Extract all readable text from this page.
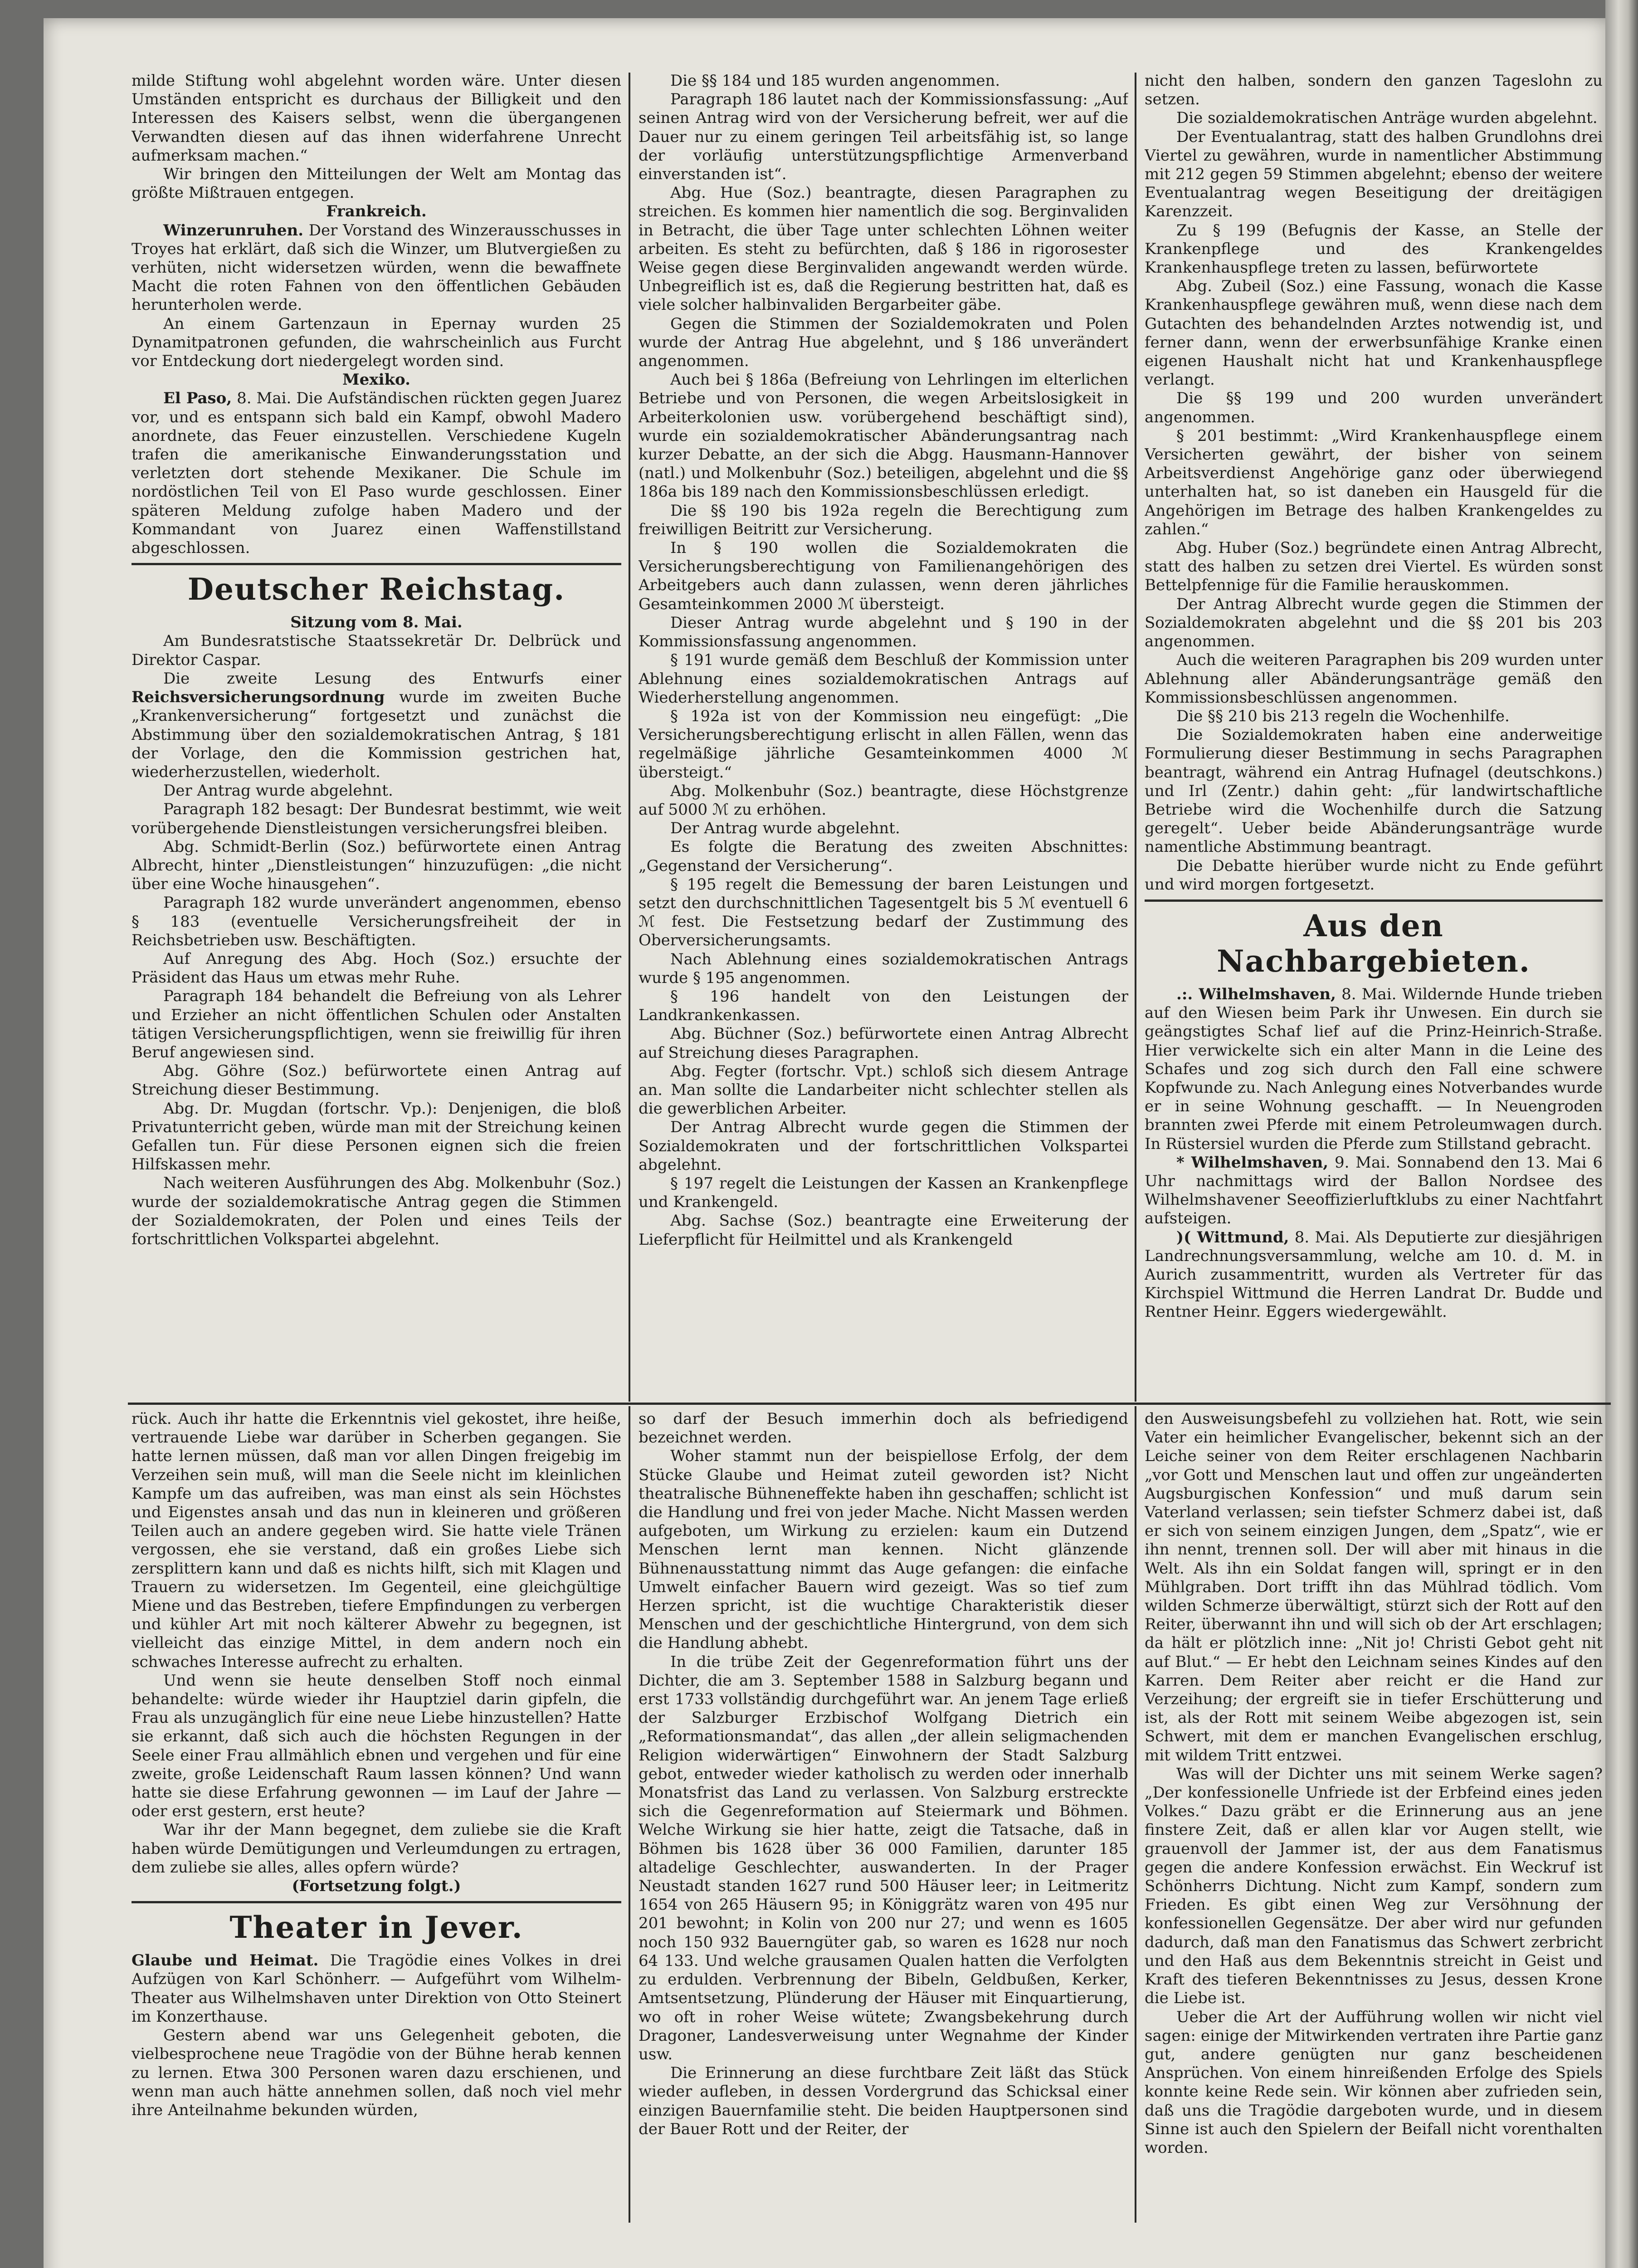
milde Stiftung wohl abgelehnt worden wäre. Unter diesen Umständen entspricht es durchaus der Billigkeit und den Interessen des Kaisers selbst, wenn die übergangenen Verwandten diesen auf das ihnen widerfahrene Unrecht aufmerksam machen.“

Wir bringen den Mitteilungen der Welt am Montag das größte Mißtrauen entgegen.

Frankreich.

Winzerunruhen. Der Vorstand des Winzerausschusses in Troyes hat erklärt, daß sich die Winzer, um Blutvergießen zu verhüten, nicht widersetzen würden, wenn die bewaffnete Macht die roten Fahnen von den öffentlichen Gebäuden herunterholen werde.

An einem Gartenzaun in Epernay wurden 25 Dynamitpatronen gefunden, die wahrscheinlich aus Furcht vor Entdeckung dort niedergelegt worden sind.

Mexiko.

El Paso, 8. Mai. Die Aufständischen rückten gegen Juarez vor, und es entspann sich bald ein Kampf, obwohl Madero anordnete, das Feuer einzustellen. Verschiedene Kugeln trafen die amerikanische Einwanderungsstation und verletzten dort stehende Mexikaner. Die Schule im nordöstlichen Teil von El Paso wurde geschlossen. Einer späteren Meldung zufolge haben Madero und der Kommandant von Juarez einen Waffenstillstand abgeschlossen.

Deutscher Reichstag.

Sitzung vom 8. Mai.

Am Bundesratstische Staatssekretär Dr. Delbrück und Direktor Caspar.

Die zweite Lesung des Entwurfs einer Reichsversicherungsordnung wurde im zweiten Buche „Krankenversicherung“ fortgesetzt und zunächst die Abstimmung über den sozialdemokratischen Antrag, § 181 der Vorlage, den die Kommission gestrichen hat, wiederherzustellen, wiederholt.

Der Antrag wurde abgelehnt.

Paragraph 182 besagt: Der Bundesrat bestimmt, wie weit vorübergehende Dienstleistungen versicherungsfrei bleiben.

Abg. Schmidt-Berlin (Soz.) befürwortete einen Antrag Albrecht, hinter „Dienstleistungen“ hinzuzufügen: „die nicht über eine Woche hinausgehen“.

Paragraph 182 wurde unverändert angenommen, ebenso § 183 (eventuelle Versicherungsfreiheit der in Reichsbetrieben usw. Beschäftigten.

Auf Anregung des Abg. Hoch (Soz.) ersuchte der Präsident das Haus um etwas mehr Ruhe.

Paragraph 184 behandelt die Befreiung von als Lehrer und Erzieher an nicht öffentlichen Schulen oder Anstalten tätigen Versicherungspflichtigen, wenn sie freiwillig für ihren Beruf angewiesen sind.

Abg. Göhre (Soz.) befürwortete einen Antrag auf Streichung dieser Bestimmung.

Abg. Dr. Mugdan (fortschr. Vp.): Denjenigen, die bloß Privatunterricht geben, würde man mit der Streichung keinen Gefallen tun. Für diese Personen eignen sich die freien Hilfskassen mehr.

Nach weiteren Ausführungen des Abg. Molkenbuhr (Soz.) wurde der sozialdemokratische Antrag gegen die Stimmen der Sozialdemokraten, der Polen und eines Teils der fortschrittlichen Volkspartei abgelehnt.

Die §§ 184 und 185 wurden angenommen.

Paragraph 186 lautet nach der Kommissionsfassung: „Auf seinen Antrag wird von der Versicherung befreit, wer auf die Dauer nur zu einem geringen Teil arbeitsfähig ist, so lange der vorläufig unterstützungspflichtige Armenverband einverstanden ist“.

Abg. Hue (Soz.) beantragte, diesen Paragraphen zu streichen. Es kommen hier namentlich die sog. Berginvaliden in Betracht, die über Tage unter schlechten Löhnen weiter arbeiten. Es steht zu befürchten, daß § 186 in rigorosester Weise gegen diese Berginvaliden angewandt werden würde. Unbegreiflich ist es, daß die Regierung bestritten hat, daß es viele solcher halbinvaliden Bergarbeiter gäbe.

Gegen die Stimmen der Sozialdemokraten und Polen wurde der Antrag Hue abgelehnt, und § 186 unverändert angenommen.

Auch bei § 186a (Befreiung von Lehrlingen im elterlichen Betriebe und von Personen, die wegen Arbeitslosigkeit in Arbeiterkolonien usw. vorübergehend beschäftigt sind), wurde ein sozialdemokratischer Abänderungsantrag nach kurzer Debatte, an der sich die Abgg. Hausmann-Hannover (natl.) und Molkenbuhr (Soz.) beteiligen, abgelehnt und die §§ 186a bis 189 nach den Kommissionsbeschlüssen erledigt.

Die §§ 190 bis 192a regeln die Berechtigung zum freiwilligen Beitritt zur Versicherung.

In § 190 wollen die Sozialdemokraten die Versicherungsberechtigung von Familienangehörigen des Arbeitgebers auch dann zulassen, wenn deren jährliches Gesamteinkommen 2000 ℳ übersteigt.

Dieser Antrag wurde abgelehnt und § 190 in der Kommissionsfassung angenommen.

§ 191 wurde gemäß dem Beschluß der Kommission unter Ablehnung eines sozialdemokratischen Antrags auf Wiederherstellung angenommen.

§ 192a ist von der Kommission neu eingefügt: „Die Versicherungsberechtigung erlischt in allen Fällen, wenn das regelmäßige jährliche Gesamteinkommen 4000 ℳ übersteigt.“

Abg. Molkenbuhr (Soz.) beantragte, diese Höchstgrenze auf 5000 ℳ zu erhöhen.

Der Antrag wurde abgelehnt.

Es folgte die Beratung des zweiten Abschnittes: „Gegenstand der Versicherung“.

§ 195 regelt die Bemessung der baren Leistungen und setzt den durchschnittlichen Tagesentgelt bis 5 ℳ eventuell 6 ℳ fest. Die Festsetzung bedarf der Zustimmung des Oberversicherungsamts.

Nach Ablehnung eines sozialdemokratischen Antrags wurde § 195 angenommen.

§ 196 handelt von den Leistungen der Landkrankenkassen.

Abg. Büchner (Soz.) befürwortete einen Antrag Albrecht auf Streichung dieses Paragraphen.

Abg. Fegter (fortschr. Vpt.) schloß sich diesem Antrage an. Man sollte die Landarbeiter nicht schlechter stellen als die gewerblichen Arbeiter.

Der Antrag Albrecht wurde gegen die Stimmen der Sozialdemokraten und der fortschrittlichen Volkspartei abgelehnt.

§ 197 regelt die Leistungen der Kassen an Krankenpflege und Krankengeld.

Abg. Sachse (Soz.) beantragte eine Erweiterung der Lieferpflicht für Heilmittel und als Krankengeld

nicht den halben, sondern den ganzen Tageslohn zu setzen.

Die sozialdemokratischen Anträge wurden abgelehnt.

Der Eventualantrag, statt des halben Grundlohns drei Viertel zu gewähren, wurde in namentlicher Abstimmung mit 212 gegen 59 Stimmen abgelehnt; ebenso der weitere Eventualantrag wegen Beseitigung der dreitägigen Karenzzeit.

Zu § 199 (Befugnis der Kasse, an Stelle der Krankenpflege und des Krankengeldes Krankenhauspflege treten zu lassen, befürwortete

Abg. Zubeil (Soz.) eine Fassung, wonach die Kasse Krankenhauspflege gewähren muß, wenn diese nach dem Gutachten des behandelnden Arztes notwendig ist, und ferner dann, wenn der erwerbsunfähige Kranke einen eigenen Haushalt nicht hat und Krankenhauspflege verlangt.

Die §§ 199 und 200 wurden unverändert angenommen.

§ 201 bestimmt: „Wird Krankenhauspflege einem Versicherten gewährt, der bisher von seinem Arbeitsverdienst Angehörige ganz oder überwiegend unterhalten hat, so ist daneben ein Hausgeld für die Angehörigen im Betrage des halben Krankengeldes zu zahlen.“

Abg. Huber (Soz.) begründete einen Antrag Albrecht, statt des halben zu setzen drei Viertel. Es würden sonst Bettelpfennige für die Familie herauskommen.

Der Antrag Albrecht wurde gegen die Stimmen der Sozialdemokraten abgelehnt und die §§ 201 bis 203 angenommen.

Auch die weiteren Paragraphen bis 209 wurden unter Ablehnung aller Abänderungsanträge gemäß den Kommissionsbeschlüssen angenommen.

Die §§ 210 bis 213 regeln die Wochenhilfe.

Die Sozialdemokraten haben eine anderweitige Formulierung dieser Bestimmung in sechs Paragraphen beantragt, während ein Antrag Hufnagel (deutschkons.) und Irl (Zentr.) dahin geht: „für landwirtschaftliche Betriebe wird die Wochenhilfe durch die Satzung geregelt“. Ueber beide Abänderungsanträge wurde namentliche Abstimmung beantragt.

Die Debatte hierüber wurde nicht zu Ende geführt und wird morgen fortgesetzt.

Aus den Nachbargebieten.

.:. Wilhelmshaven, 8. Mai. Wildernde Hunde trieben auf den Wiesen beim Park ihr Unwesen. Ein durch sie geängstigtes Schaf lief auf die Prinz-Heinrich-Straße. Hier verwickelte sich ein alter Mann in die Leine des Schafes und zog sich durch den Fall eine schwere Kopfwunde zu. Nach Anlegung eines Notverbandes wurde er in seine Wohnung geschafft. — In Neuengroden brannten zwei Pferde mit einem Petroleumwagen durch. In Rüstersiel wurden die Pferde zum Stillstand gebracht.

* Wilhelmshaven, 9. Mai. Sonnabend den 13. Mai 6 Uhr nachmittags wird der Ballon Nordsee des Wilhelmshavener Seeoffizierluftklubs zu einer Nachtfahrt aufsteigen.

)( Wittmund, 8. Mai. Als Deputierte zur diesjährigen Landrechnungsversammlung, welche am 10. d. M. in Aurich zusammentritt, wurden als Vertreter für das Kirchspiel Wittmund die Herren Landrat Dr. Budde und Rentner Heinr. Eggers wiedergewählt.

rück. Auch ihr hatte die Erkenntnis viel gekostet, ihre heiße, vertrauende Liebe war darüber in Scherben gegangen. Sie hatte lernen müssen, daß man vor allen Dingen freigebig im Verzeihen sein muß, will man die Seele nicht im kleinlichen Kampfe um das aufreiben, was man einst als sein Höchstes und Eigenstes ansah und das nun in kleineren und größeren Teilen auch an andere gegeben wird. Sie hatte viele Tränen vergossen, ehe sie verstand, daß ein großes Liebe sich zersplittern kann und daß es nichts hilft, sich mit Klagen und Trauern zu widersetzen. Im Gegenteil, eine gleichgültige Miene und das Bestreben, tiefere Empfindungen zu verbergen und kühler Art mit noch kälterer Abwehr zu begegnen, ist vielleicht das einzige Mittel, in dem andern noch ein schwaches Interesse aufrecht zu erhalten.

Und wenn sie heute denselben Stoff noch einmal behandelte: würde wieder ihr Hauptziel darin gipfeln, die Frau als unzugänglich für eine neue Liebe hinzustellen? Hatte sie erkannt, daß sich auch die höchsten Regungen in der Seele einer Frau allmählich ebnen und vergehen und für eine zweite, große Leidenschaft Raum lassen können? Und wann hatte sie diese Erfahrung gewonnen — im Lauf der Jahre — oder erst gestern, erst heute?

War ihr der Mann begegnet, dem zuliebe sie die Kraft haben würde Demütigungen und Verleumdungen zu ertragen, dem zuliebe sie alles, alles opfern würde?

(Fortsetzung folgt.)

Theater in Jever.

Glaube und Heimat. Die Tragödie eines Volkes in drei Aufzügen von Karl Schönherr. — Aufgeführt vom Wilhelm-Theater aus Wilhelmshaven unter Direktion von Otto Steinert im Konzerthause.

Gestern abend war uns Gelegenheit geboten, die vielbesprochene neue Tragödie von der Bühne herab kennen zu lernen. Etwa 300 Personen waren dazu erschienen, und wenn man auch hätte annehmen sollen, daß noch viel mehr ihre Anteilnahme bekunden würden,

so darf der Besuch immerhin doch als befriedigend bezeichnet werden.

Woher stammt nun der beispiellose Erfolg, der dem Stücke Glaube und Heimat zuteil geworden ist? Nicht theatralische Bühneneffekte haben ihn geschaffen; schlicht ist die Handlung und frei von jeder Mache. Nicht Massen werden aufgeboten, um Wirkung zu erzielen: kaum ein Dutzend Menschen lernt man kennen. Nicht glänzende Bühnenausstattung nimmt das Auge gefangen: die einfache Umwelt einfacher Bauern wird gezeigt. Was so tief zum Herzen spricht, ist die wuchtige Charakteristik dieser Menschen und der geschichtliche Hintergrund, von dem sich die Handlung abhebt.

In die trübe Zeit der Gegenreformation führt uns der Dichter, die am 3. September 1588 in Salzburg begann und erst 1733 vollständig durchgeführt war. An jenem Tage erließ der Salzburger Erzbischof Wolfgang Dietrich ein „Reformationsmandat“, das allen „der allein seligmachenden Religion widerwärtigen“ Einwohnern der Stadt Salzburg gebot, entweder wieder katholisch zu werden oder innerhalb Monatsfrist das Land zu verlassen. Von Salzburg erstreckte sich die Gegenreformation auf Steiermark und Böhmen. Welche Wirkung sie hier hatte, zeigt die Tatsache, daß in Böhmen bis 1628 über 36 000 Familien, darunter 185 altadelige Geschlechter, auswanderten. In der Prager Neustadt standen 1627 rund 500 Häuser leer; in Leitmeritz 1654 von 265 Häusern 95; in Königgrätz waren von 495 nur 201 bewohnt; in Kolin von 200 nur 27; und wenn es 1605 noch 150 932 Bauerngüter gab, so waren es 1628 nur noch 64 133. Und welche grausamen Qualen hatten die Verfolgten zu erdulden. Verbrennung der Bibeln, Geldbußen, Kerker, Amtsentsetzung, Plünderung der Häuser mit Einquartierung, wo oft in roher Weise wütete; Zwangsbekehrung durch Dragoner, Landesverweisung unter Wegnahme der Kinder usw.

Die Erinnerung an diese furchtbare Zeit läßt das Stück wieder aufleben, in dessen Vordergrund das Schicksal einer einzigen Bauernfamilie steht. Die beiden Hauptpersonen sind der Bauer Rott und der Reiter, der

den Ausweisungsbefehl zu vollziehen hat. Rott, wie sein Vater ein heimlicher Evangelischer, bekennt sich an der Leiche seiner von dem Reiter erschlagenen Nachbarin „vor Gott und Menschen laut und offen zur ungeänderten Augsburgischen Konfession“ und muß darum sein Vaterland verlassen; sein tiefster Schmerz dabei ist, daß er sich von seinem einzigen Jungen, dem „Spatz“, wie er ihn nennt, trennen soll. Der will aber mit hinaus in die Welt. Als ihn ein Soldat fangen will, springt er in den Mühlgraben. Dort trifft ihn das Mühlrad tödlich. Vom wilden Schmerze überwältigt, stürzt sich der Rott auf den Reiter, überwannt ihn und will sich ob der Art erschlagen; da hält er plötzlich inne: „Nit jo! Christi Gebot geht nit auf Blut.“ — Er hebt den Leichnam seines Kindes auf den Karren. Dem Reiter aber reicht er die Hand zur Verzeihung; der ergreift sie in tiefer Erschütterung und ist, als der Rott mit seinem Weibe abgezogen ist, sein Schwert, mit dem er manchen Evangelischen erschlug, mit wildem Tritt entzwei.

Was will der Dichter uns mit seinem Werke sagen? „Der konfessionelle Unfriede ist der Erbfeind eines jeden Volkes.“ Dazu gräbt er die Erinnerung aus an jene finstere Zeit, daß er allen klar vor Augen stellt, wie grauenvoll der Jammer ist, der aus dem Fanatismus gegen die andere Konfession erwächst. Ein Weckruf ist Schönherrs Dichtung. Nicht zum Kampf, sondern zum Frieden. Es gibt einen Weg zur Versöhnung der konfessionellen Gegensätze. Der aber wird nur gefunden dadurch, daß man den Fanatismus das Schwert zerbricht und den Haß aus dem Bekenntnis streicht in Geist und Kraft des tieferen Bekenntnisses zu Jesus, dessen Krone die Liebe ist.

Ueber die Art der Aufführung wollen wir nicht viel sagen: einige der Mitwirkenden vertraten ihre Partie ganz gut, andere genügten nur ganz bescheidenen Ansprüchen. Von einem hinreißenden Erfolge des Spiels konnte keine Rede sein. Wir können aber zufrieden sein, daß uns die Tragödie dargeboten wurde, und in diesem Sinne ist auch den Spielern der Beifall nicht vorenthalten worden.
